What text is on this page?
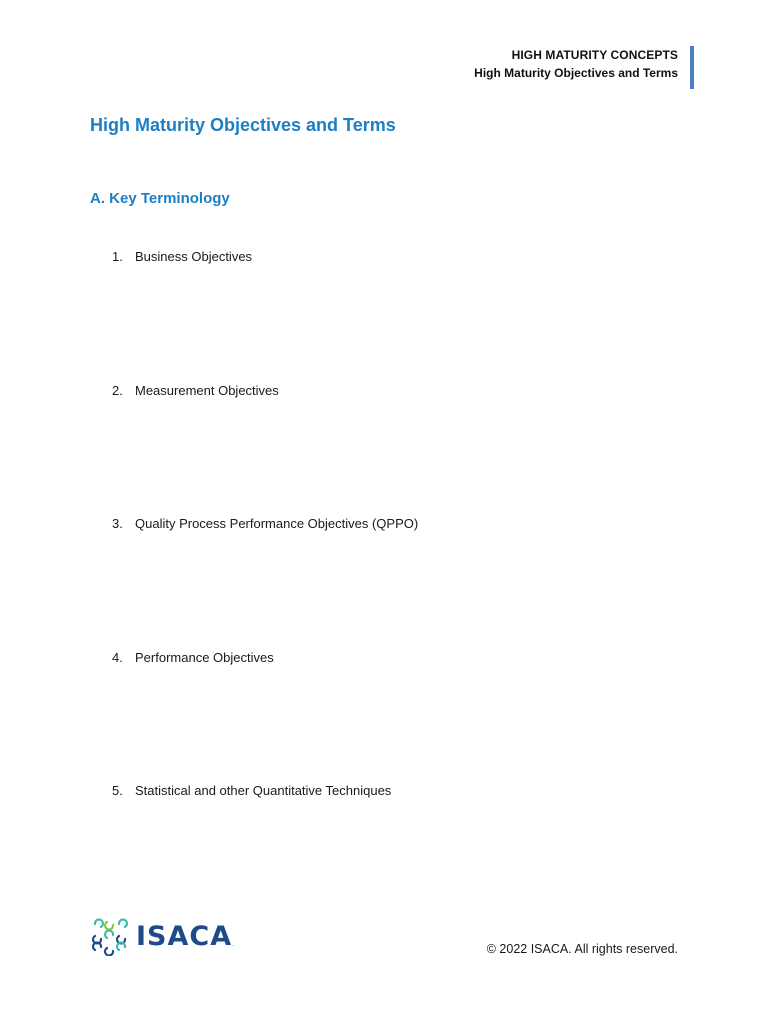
HIGH MATURITY CONCEPTS
High Maturity Objectives and Terms
High Maturity Objectives and Terms
A. Key Terminology
1. Business Objectives
2. Measurement Objectives
3. Quality Process Performance Objectives (QPPO)
4. Performance Objectives
5. Statistical and other Quantitative Techniques
ISACA .	© 2022 ISACA. All rights reserved.
